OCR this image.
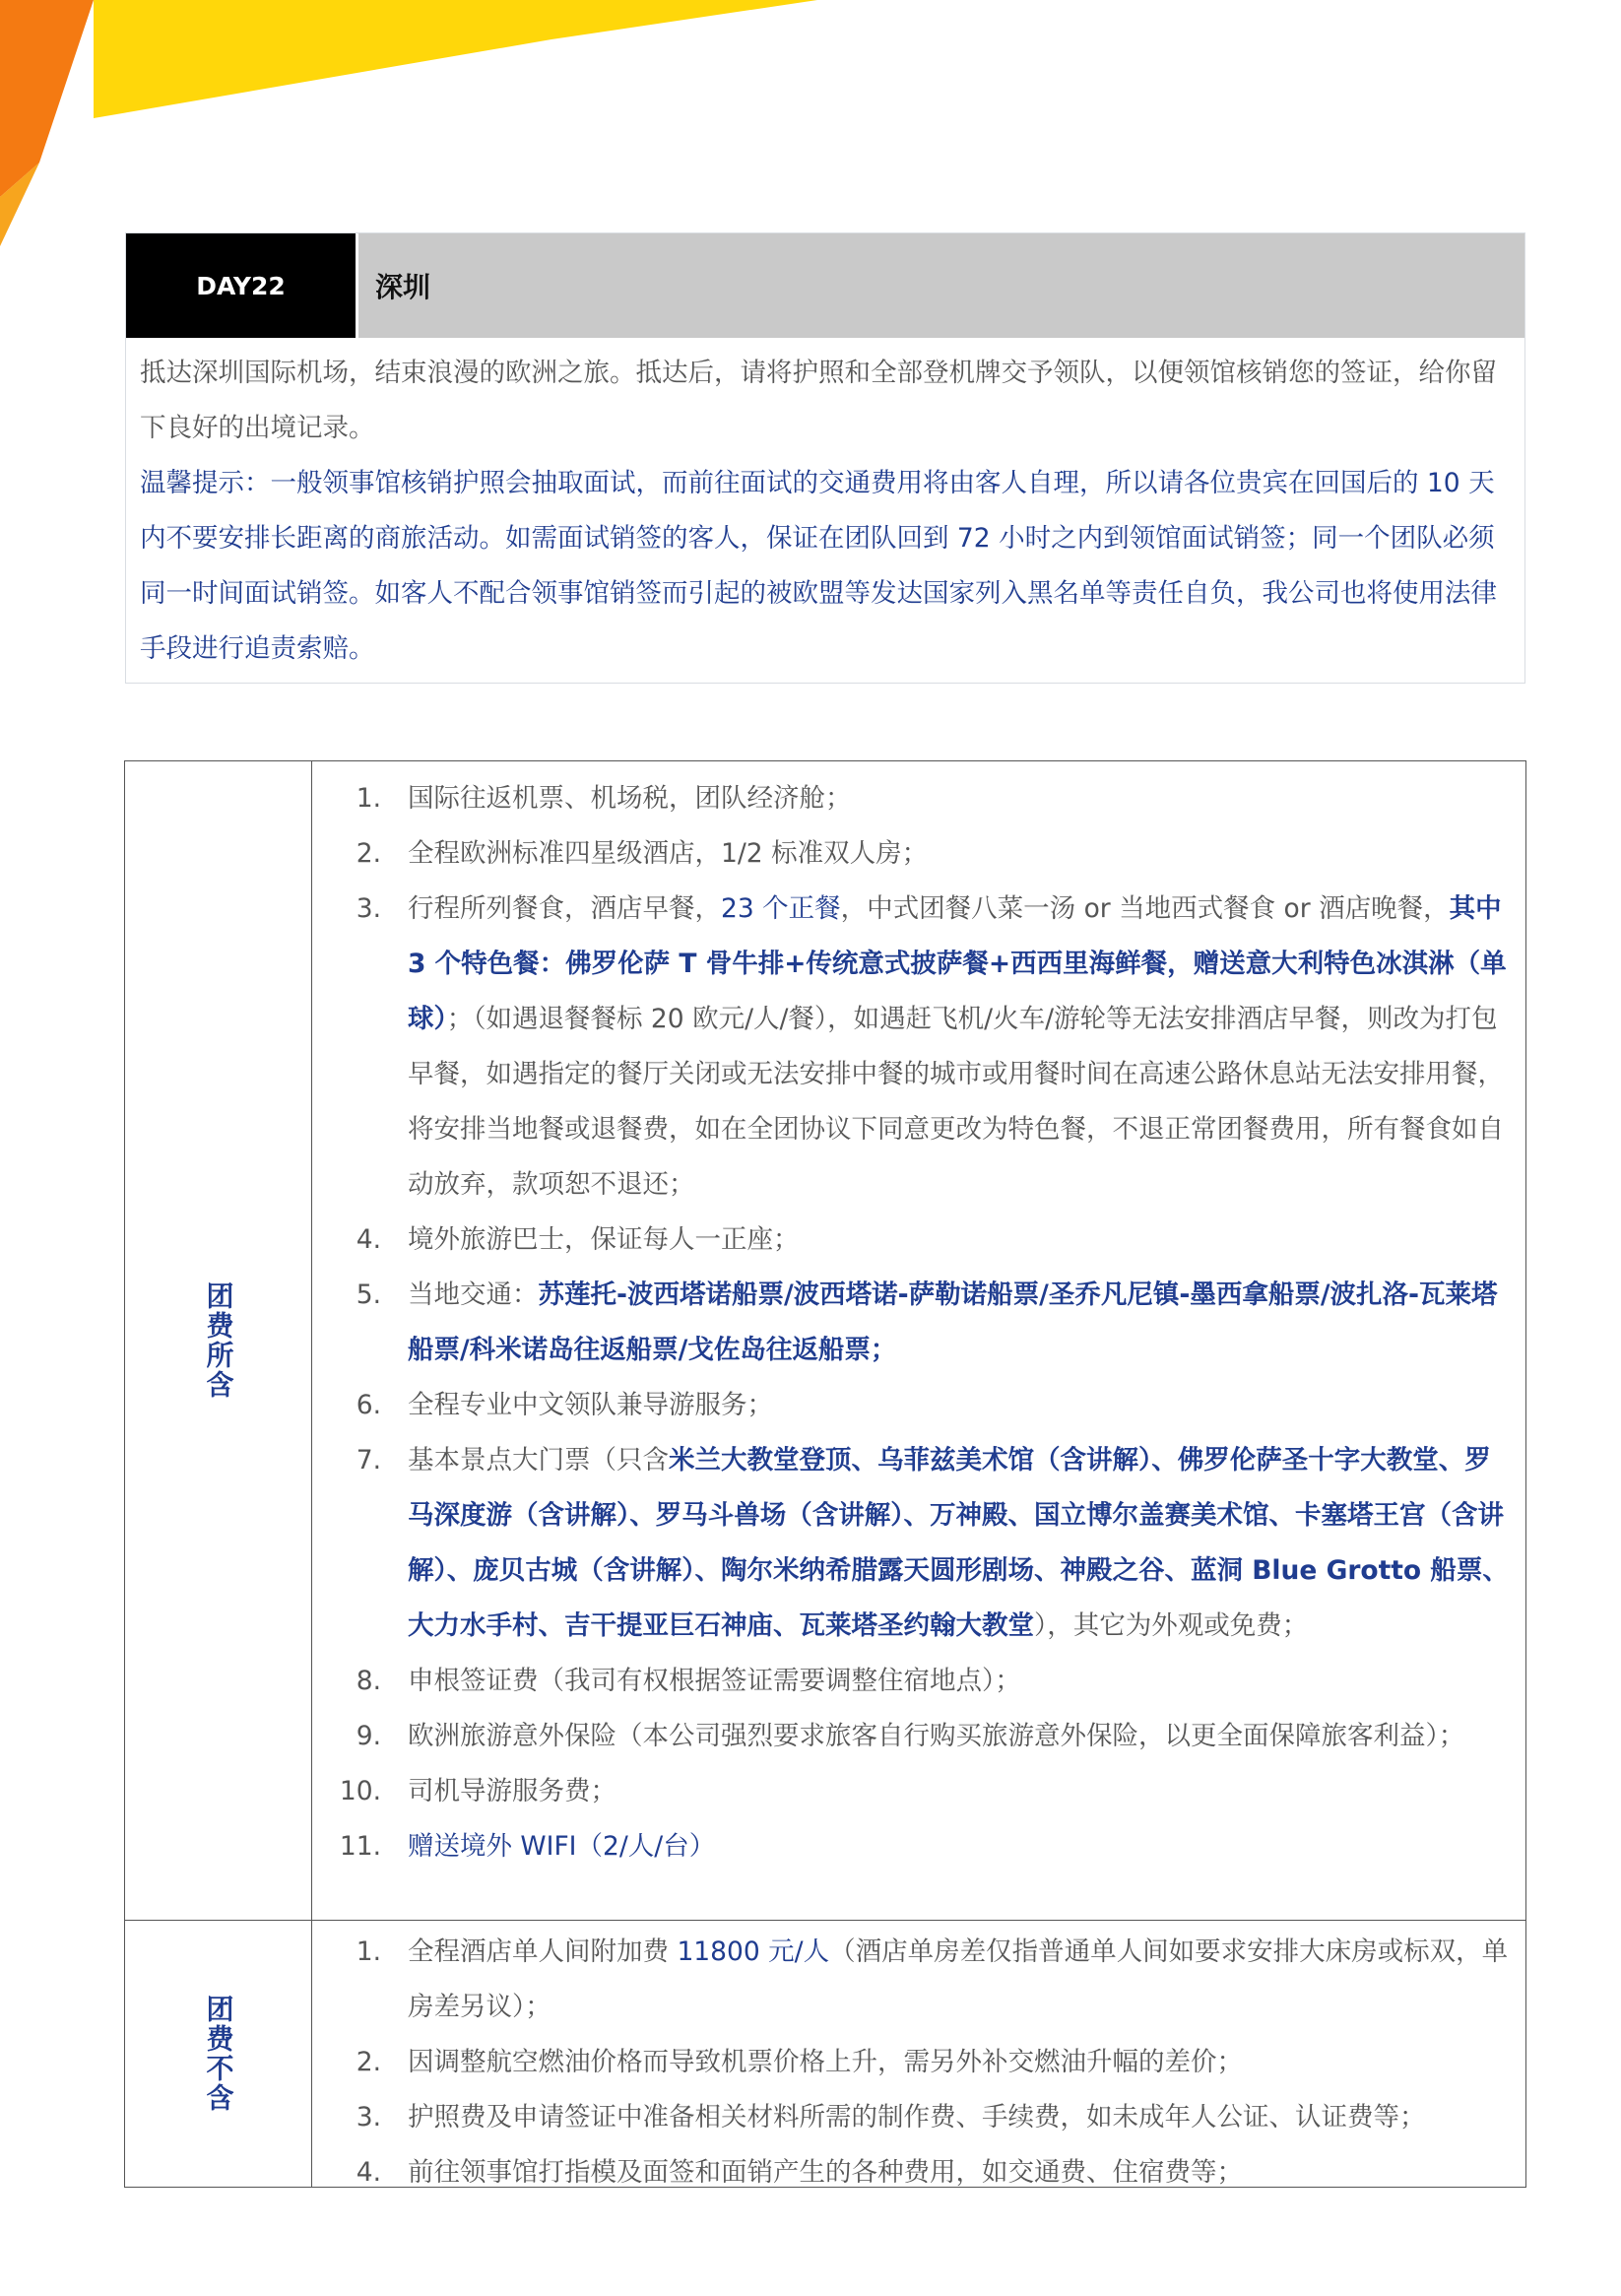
DAY22	深圳

抵达深圳国际机场，结束浪漫的欧洲之旅。抵达后，请将护照和全部登机牌交予领队，以便领馆核销您的签证，给你留下良好的出境记录。

温馨提示：一般领事馆核销护照会抽取面试，而前往面试的交通费用将由客人自理，所以请各位贵宾在回国后的 10 天内不要安排长距离的商旅活动。如需面试销签的客人，保证在团队回到 72 小时之内到领馆面试销签；同一个团队必须同一时间面试销签。如客人不配合领事馆销签而引起的被欧盟等发达国家列入黑名单等责任自负，我公司也将使用法律手段进行追责索赔。

团费所含
1.	国际往返机票、机场税，团队经济舱；
2.	全程欧洲标准四星级酒店，1/2 标准双人房；
3.	行程所列餐食，酒店早餐，23 个正餐，中式团餐八菜一汤 or 当地西式餐食 or 酒店晚餐，其中 3 个特色餐：佛罗伦萨 T 骨牛排+传统意式披萨餐+西西里海鲜餐，赠送意大利特色冰淇淋（单球）；（如遇退餐餐标 20 欧元/人/餐），如遇赶飞机/火车/游轮等无法安排酒店早餐，则改为打包早餐，如遇指定的餐厅关闭或无法安排中餐的城市或用餐时间在高速公路休息站无法安排用餐，将安排当地餐或退餐费，如在全团协议下同意更改为特色餐，不退正常团餐费用，所有餐食如自动放弃，款项恕不退还；
4.	境外旅游巴士，保证每人一正座；
5.	当地交通：苏莲托-波西塔诺船票/波西塔诺-萨勒诺船票/圣乔凡尼镇-墨西拿船票/波扎洛-瓦莱塔船票/科米诺岛往返船票/戈佐岛往返船票；
6.	全程专业中文领队兼导游服务；
7.	基本景点大门票（只含米兰大教堂登顶、乌菲兹美术馆（含讲解）、佛罗伦萨圣十字大教堂、罗马深度游（含讲解）、罗马斗兽场（含讲解）、万神殿、国立博尔盖赛美术馆、卡塞塔王宫（含讲解）、庞贝古城（含讲解）、陶尔米纳希腊露天圆形剧场、神殿之谷、蓝洞 Blue Grotto 船票、大力水手村、吉干提亚巨石神庙、瓦莱塔圣约翰大教堂），其它为外观或免费；
8.	申根签证费（我司有权根据签证需要调整住宿地点）；
9.	欧洲旅游意外保险（本公司强烈要求旅客自行购买旅游意外保险，以更全面保障旅客利益）；
10.	司机导游服务费；
11.	赠送境外 WIFI（2/人/台）
团费不含
1.	全程酒店单人间附加费 11800 元/人（酒店单房差仅指普通单人间如要求安排大床房或标双，单房差另议）；
2.	因调整航空燃油价格而导致机票价格上升，需另外补交燃油升幅的差价；
3.	护照费及申请签证中准备相关材料所需的制作费、手续费，如未成年人公证、认证费等；
4.	前往领事馆打指模及面签和面销产生的各种费用，如交通费、住宿费等；
